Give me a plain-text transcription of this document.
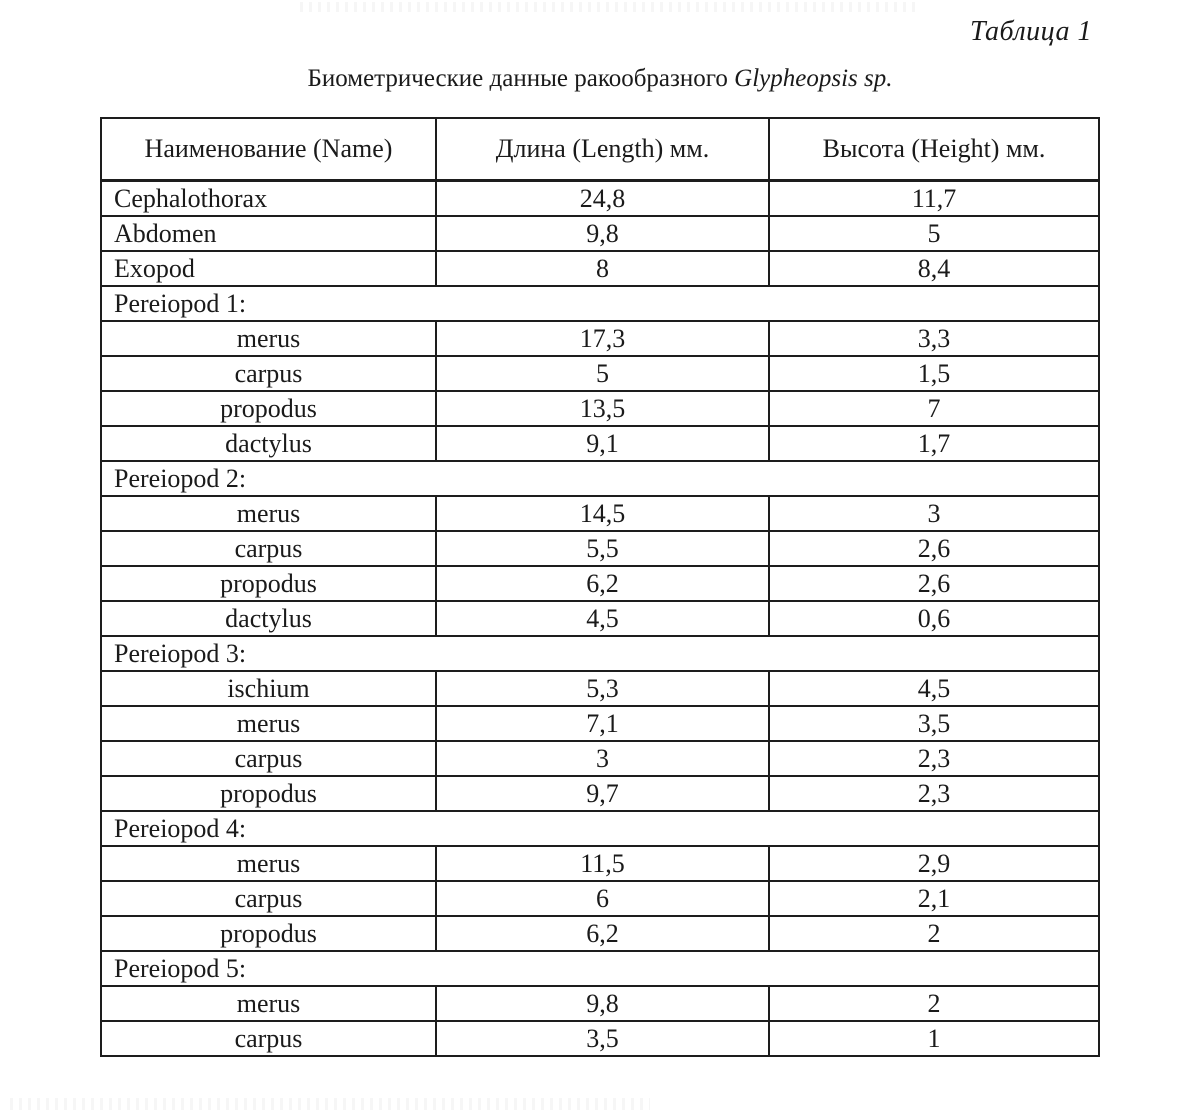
Таблица 1
Биометрические данные ракообразного Glypheopsis sp.
Наименование (Name)	Длина (Length) мм.	Высота (Height) мм.
Cephalothorax	24,8	11,7
Abdomen	9,8	5
Exopod	8	8,4
Pereiopod 1:		
merus	17,3	3,3
carpus	5	1,5
propodus	13,5	7
dactylus	9,1	1,7
Pereiopod 2:		
merus	14,5	3
carpus	5,5	2,6
propodus	6,2	2,6
dactylus	4,5	0,6
Pereiopod 3:		
ischium	5,3	4,5
merus	7,1	3,5
carpus	3	2,3
propodus	9,7	2,3
Pereiopod 4:		
merus	11,5	2,9
carpus	6	2,1
propodus	6,2	2
Pereiopod 5:		
merus	9,8	2
carpus	3,5	1
